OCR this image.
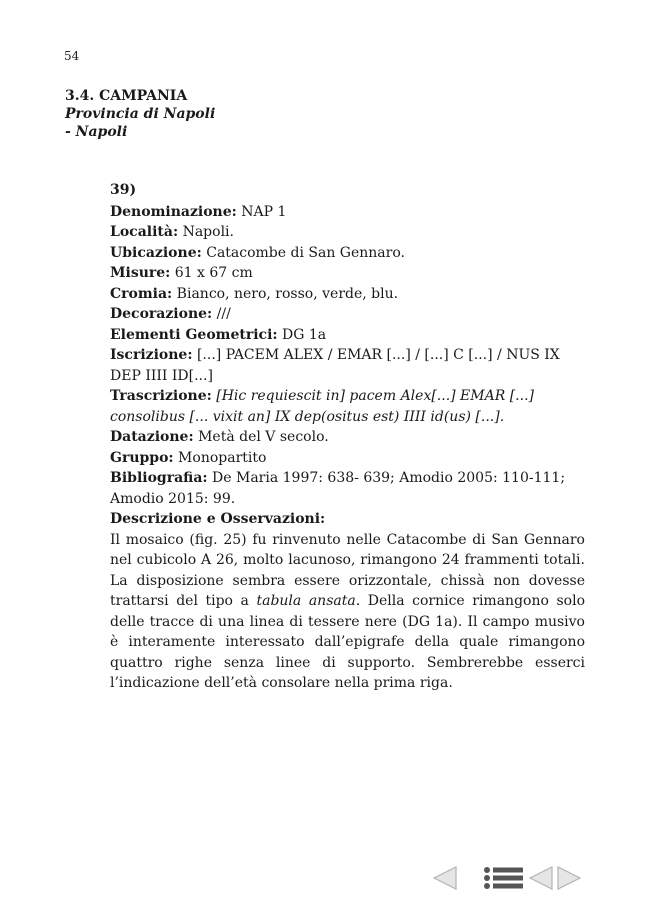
54
3.4. CAMPANIA
Provincia di Napoli
- Napoli
39)

Denominazione: NAP 1

Località: Napoli.

Ubicazione: Catacombe di San Gennaro.

Misure: 61 x 67 cm

Cromia: Bianco, nero, rosso, verde, blu.

Decorazione: ///

Elementi Geometrici: DG 1a

Iscrizione: [...] PACEM ALEX / EMAR [...] / [...] C [...] / NUS IX DEP IIII ID[...]

Trascrizione: [Hic requiescit in] pacem Alex[...] EMAR [...] consolibus [... vixit an] IX dep(ositus est) IIII id(us) [...].

Datazione: Metà del V secolo.

Gruppo: Monopartito

Bibliografia: De Maria 1997: 638- 639; Amodio 2005: 110-111; Amodio 2015: 99.

Descrizione e Osservazioni:

Il mosaico (fig. 25) fu rinvenuto nelle Catacombe di San Gennaro nel cubicolo A 26, molto lacunoso, rimangono 24 frammenti totali. La disposizione sembra essere orizzontale, chissà non dovesse trattarsi del tipo a tabula ansata. Della cornice rimangono solo delle tracce di una linea di tessere nere (DG 1a). Il campo musivo è interamente interessato dall’epigrafe della quale rimangono quattro righe senza linee di supporto. Sembrerebbe esserci l’indicazione dell’età consolare nella prima riga.
